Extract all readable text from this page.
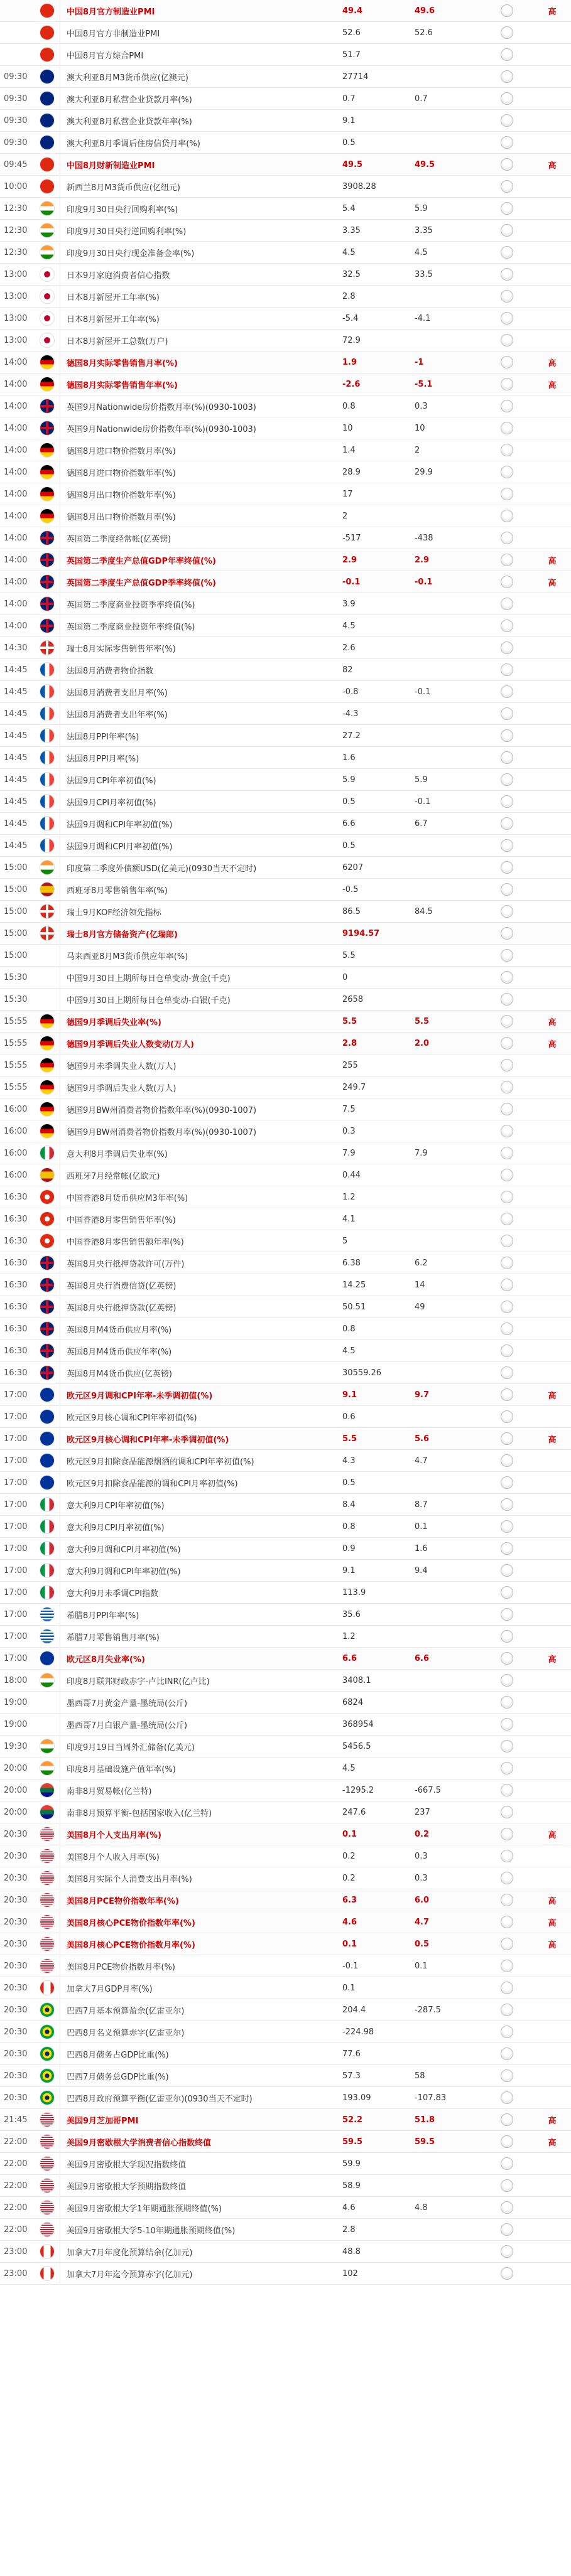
中国8月官方制造业PMI	49.4	49.6	高
中国8月官方非制造业PMI	52.6	52.6
中国8月官方综合PMI	51.7
09:30	澳大利亚8月M3货币供应(亿澳元)	27714
09:30	澳大利亚8月私营企业贷款月率(%)	0.7	0.7
09:30	澳大利亚8月私营企业贷款年率(%)	9.1
09:30	澳大利亚8月季调后住房信贷月率(%)	0.5
09:45	中国8月财新制造业PMI	49.5	49.5	高
10:00	新西兰8月M3货币供应(亿纽元)	3908.28
12:30	印度9月30日央行回购利率(%)	5.4	5.9
12:30	印度9月30日央行逆回购利率(%)	3.35	3.35
12:30	印度9月30日央行现金准备金率(%)	4.5	4.5
13:00	日本9月家庭消费者信心指数	32.5	33.5
13:00	日本8月新屋开工年率(%)	2.8
13:00	日本8月新屋开工年率(%)	-5.4	-4.1
13:00	日本8月新屋开工总数(万户)	72.9
14:00	德国8月实际零售销售月率(%)	1.9	-1	高
14:00	德国8月实际零售销售年率(%)	-2.6	-5.1	高
14:00	英国9月Nationwide房价指数月率(%)(0930-1003)	0.8	0.3
14:00	英国9月Nationwide房价指数年率(%)(0930-1003)	10	10
14:00	德国8月进口物价指数月率(%)	1.4	2
14:00	德国8月进口物价指数年率(%)	28.9	29.9
14:00	德国8月出口物价指数年率(%)	17
14:00	德国8月出口物价指数月率(%)	2
14:00	英国第二季度经常帐(亿英镑)	-517	-438
14:00	英国第二季度生产总值GDP年率终值(%)	2.9	2.9	高
14:00	英国第二季度生产总值GDP季率终值(%)	-0.1	-0.1	高
14:00	英国第二季度商业投资季率终值(%)	3.9
14:00	英国第二季度商业投资年率终值(%)	4.5
14:30	瑞士8月实际零售销售年率(%)	2.6
14:45	法国8月消费者物价指数	82
14:45	法国8月消费者支出月率(%)	-0.8	-0.1
14:45	法国8月消费者支出年率(%)	-4.3
14:45	法国8月PPI年率(%)	27.2
14:45	法国8月PPI月率(%)	1.6
14:45	法国9月CPI年率初值(%)	5.9	5.9
14:45	法国9月CPI月率初值(%)	0.5	-0.1
14:45	法国9月调和CPI年率初值(%)	6.6	6.7
14:45	法国9月调和CPI月率初值(%)	0.5
15:00	印度第二季度外债额USD(亿美元)(0930当天不定时)	6207
15:00	西班牙8月零售销售年率(%)	-0.5
15:00	瑞士9月KOF经济领先指标	86.5	84.5
15:00	瑞士8月官方储备资产(亿瑞郎)	9194.57
15:00	马来西亚8月M3货币供应年率(%)	5.5
15:30	中国9月30日上期所每日仓单变动-黄金(千克)	0
15:30	中国9月30日上期所每日仓单变动-白银(千克)	2658
15:55	德国9月季调后失业率(%)	5.5	5.5	高
15:55	德国9月季调后失业人数变动(万人)	2.8	2.0	高
15:55	德国9月未季调失业人数(万人)	255
15:55	德国9月季调后失业人数(万人)	249.7
16:00	德国9月BW州消费者物价指数年率(%)(0930-1007)	7.5
16:00	德国9月BW州消费者物价指数月率(%)(0930-1007)	0.3
16:00	意大利8月季调后失业率(%)	7.9	7.9
16:00	西班牙7月经常帐(亿欧元)	0.44
16:30	中国香港8月货币供应M3年率(%)	1.2
16:30	中国香港8月零售销售年率(%)	4.1
16:30	中国香港8月零售销售额年率(%)	5
16:30	英国8月央行抵押贷款许可(万件)	6.38	6.2
16:30	英国8月央行消费信贷(亿英镑)	14.25	14
16:30	英国8月央行抵押贷款(亿英镑)	50.51	49
16:30	英国8月M4货币供应月率(%)	0.8
16:30	英国8月M4货币供应年率(%)	4.5
16:30	英国8月M4货币供应(亿英镑)	30559.26
17:00	欧元区9月调和CPI年率-未季调初值(%)	9.1	9.7	高
17:00	欧元区9月核心调和CPI年率初值(%)	0.6
17:00	欧元区9月核心调和CPI年率-未季调初值(%)	5.5	5.6	高
17:00	欧元区9月扣除食品能源烟酒的调和CPI年率初值(%)	4.3	4.7
17:00	欧元区9月扣除食品能源的调和CPI月率初值(%)	0.5
17:00	意大利9月CPI年率初值(%)	8.4	8.7
17:00	意大利9月CPI月率初值(%)	0.8	0.1
17:00	意大利9月调和CPI月率初值(%)	0.9	1.6
17:00	意大利9月调和CPI年率初值(%)	9.1	9.4
17:00	意大利9月未季调CPI指数	113.9
17:00	希腊8月PPI年率(%)	35.6
17:00	希腊7月零售销售月率(%)	1.2
17:00	欧元区8月失业率(%)	6.6	6.6	高
18:00	印度8月联邦财政赤字-卢比INR(亿卢比)	3408.1
19:00	墨西哥7月黄金产量-墨统局(公斤)	6824
19:00	墨西哥7月白银产量-墨统局(公斤)	368954
19:30	印度9月19日当周外汇储备(亿美元)	5456.5
20:00	印度8月基础设施产值年率(%)	4.5
20:00	南非8月贸易帐(亿兰特)	-1295.2	-667.5
20:00	南非8月预算平衡-包括国家收入(亿兰特)	247.6	237
20:30	美国8月个人支出月率(%)	0.1	0.2	高
20:30	美国8月个人收入月率(%)	0.2	0.3
20:30	美国8月实际个人消费支出月率(%)	0.2	0.3
20:30	美国8月PCE物价指数年率(%)	6.3	6.0	高
20:30	美国8月核心PCE物价指数年率(%)	4.6	4.7	高
20:30	美国8月核心PCE物价指数月率(%)	0.1	0.5	高
20:30	美国8月PCE物价指数月率(%)	-0.1	0.1
20:30	加拿大7月GDP月率(%)	0.1
20:30	巴西7月基本预算盈余(亿雷亚尔)	204.4	-287.5
20:30	巴西8月名义预算赤字(亿雷亚尔)	-224.98
20:30	巴西8月债务占GDP比重(%)	77.6
20:30	巴西7月债务总GDP比重(%)	57.3	58
20:30	巴西8月政府预算平衡(亿雷亚尔)(0930当天不定时)	193.09	-107.83
21:45	美国9月芝加哥PMI	52.2	51.8	高
22:00	美国9月密歇根大学消费者信心指数终值	59.5	59.5	高
22:00	美国9月密歇根大学现况指数终值	59.9
22:00	美国9月密歇根大学预期指数终值	58.9
22:00	美国9月密歇根大学1年期通胀预期终值(%)	4.6	4.8
22:00	美国9月密歇根大学5-10年期通胀预期终值(%)	2.8
23:00	加拿大7月年度化预算结余(亿加元)	48.8
23:00	加拿大7月年迄今预算赤字(亿加元)	102
